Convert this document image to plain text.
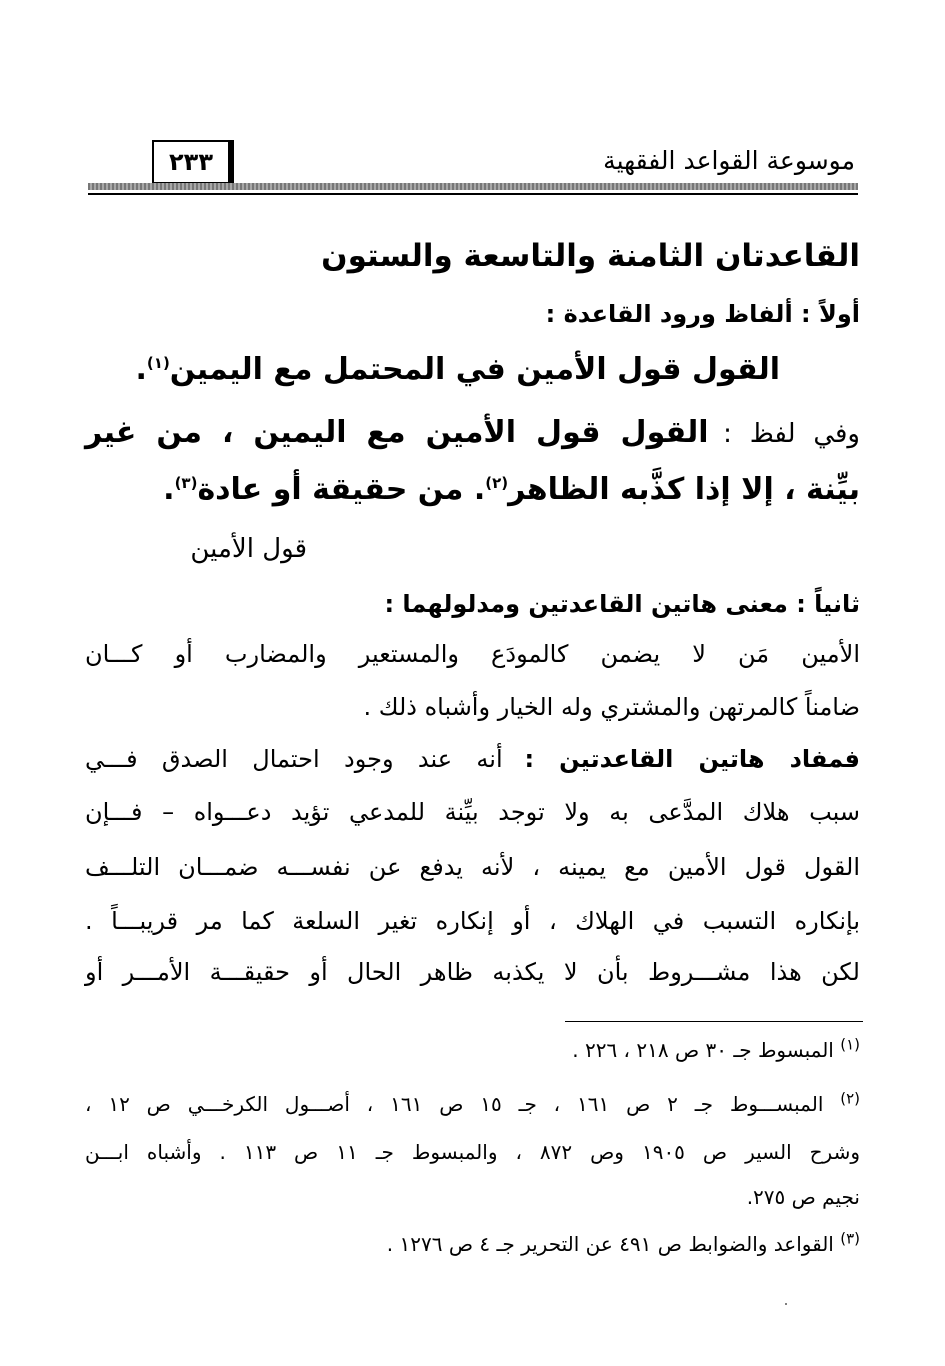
موسوعة القواعد الفقهية
٢٣٣
القاعدتان الثامنة والتاسعة والستون
أولاً : ألفاظ ورود القاعدة :
القول قول الأمين في المحتمل مع اليمين$^{(١)}$.
وفي لفظ : القول قول الأمين مع اليمين ، من غير
بيِّنة ، إلا إذا كذَّبه الظاهر$^{(٢)}$. من حقيقة أو عادة$^{(٣)}$.
قول الأمين
ثانياً : معنى هاتين القاعدتين ومدلولهما :
الأمين مَن لا يضمن كالمودَع والمستعير والمضارب أو كـــان
ضامناً كالمرتهن والمشتري وله الخيار وأشباه ذلك .
فمفاد هاتين القاعدتين : أنه عند وجود احتمال الصدق فـــي
سبب هلاك المدَّعى به ولا توجد بيِّنة للمدعي تؤيد دعـــواه – فـــإن
القول قول الأمين مع يمينه ، لأنه يدفع عن نفســـه ضمـــان التلـــف
بإنكاره التسبب في الهلاك ، أو إنكاره تغير السلعة كما مر قريبـــاً .
لكن هذا مشـــروط بأن لا يكذبه ظاهر الحال أو حقيقـــة الأمـــر أو
$^{(١)}$ المبسوط جـ ٣٠ ص ٢١٨ ، ٢٢٦ .
$^{(٢)}$ المبســـوط جـ ٢ ص ١٦١ ، جـ ١٥ ص ١٦١ ، أصـــول الكرخـــي ص ١٢ ،
وشرح السير ص ١٩٠٥ وص ٨٧٢ ، والمبسوط جـ ١١ ص ١١٣ . وأشباه ابـــن
نجيم ص ٢٧٥.
$^{(٣)}$ القواعد والضوابط ص ٤٩١ عن التحرير جـ ٤ ص ١٢٧٦ .
